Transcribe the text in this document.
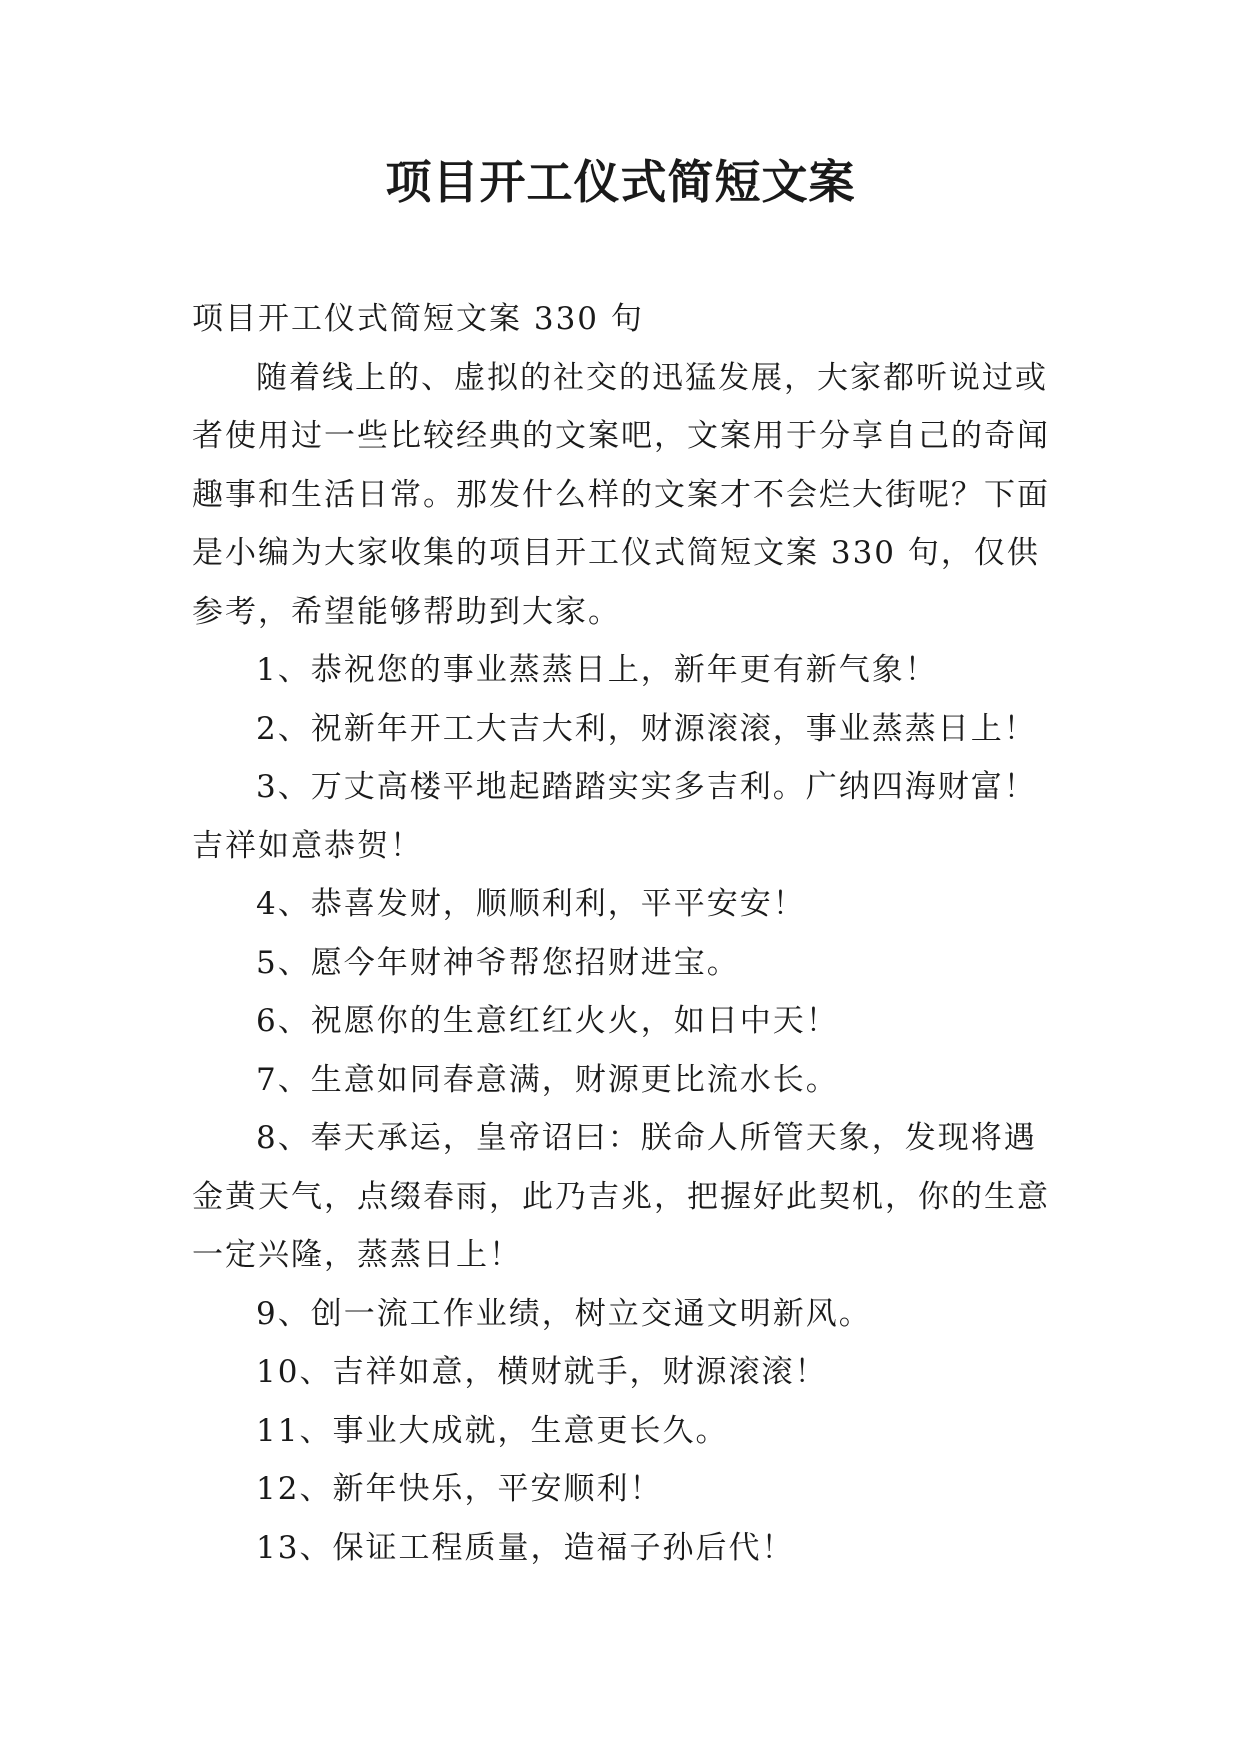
项目开工仪式简短文案

项目开工仪式简短文案 330 句

随着线上的、虚拟的社交的迅猛发展，大家都听说过或者使用过一些比较经典的文案吧，文案用于分享自己的奇闻趣事和生活日常。那发什么样的文案才不会烂大街呢？下面是小编为大家收集的项目开工仪式简短文案 330 句，仅供参考，希望能够帮助到大家。

1、恭祝您的事业蒸蒸日上，新年更有新气象！

2、祝新年开工大吉大利，财源滚滚，事业蒸蒸日上！

3、万丈高楼平地起踏踏实实多吉利。广纳四海财富！吉祥如意恭贺！

4、恭喜发财，顺顺利利，平平安安！

5、愿今年财神爷帮您招财进宝。

6、祝愿你的生意红红火火，如日中天！

7、生意如同春意满，财源更比流水长。

8、奉天承运，皇帝诏曰：朕命人所管天象，发现将遇金黄天气，点缀春雨，此乃吉兆，把握好此契机，你的生意一定兴隆，蒸蒸日上！

9、创一流工作业绩，树立交通文明新风。

10、吉祥如意，横财就手，财源滚滚！

11、事业大成就，生意更长久。

12、新年快乐，平安顺利！

13、保证工程质量，造福子孙后代！
